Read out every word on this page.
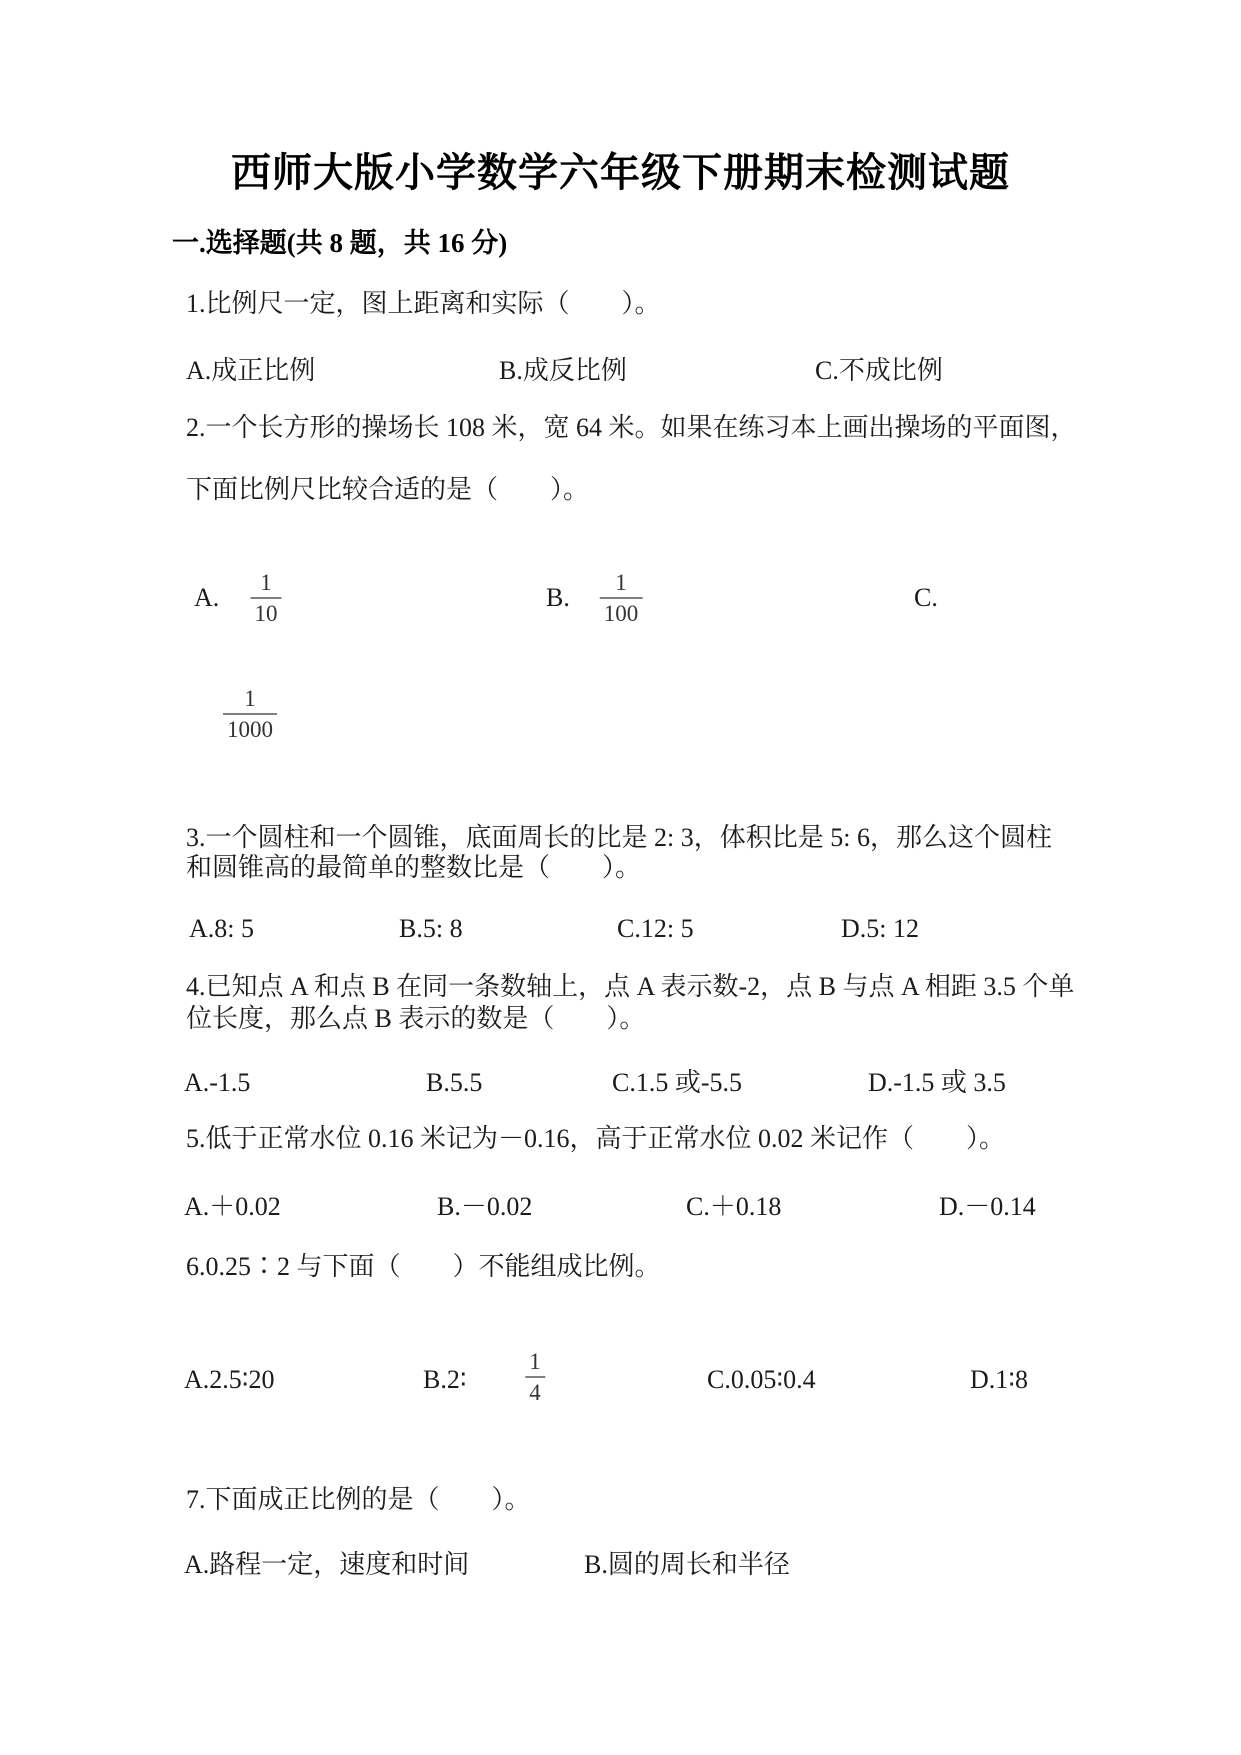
西师大版小学数学六年级下册期末检测试题
一.选择题(共 8 题，共 16 分)
1.比例尺一定，图上距离和实际（　　）。
A.成正比例	B.成反比例	C.不成比例
2.一个长方形的操场长 108 米，宽 64 米。如果在练习本上画出操场的平面图，
下面比例尺比较合适的是（　　）。
A. $\frac{1}{10}$	B. $\frac{1}{100}$	C.
$\frac{1}{1000}$
3.一个圆柱和一个圆锥，底面周长的比是 2: 3，体积比是 5: 6，那么这个圆柱
和圆锥高的最简单的整数比是（　　）。
A.8: 5	B.5: 8	C.12: 5	D.5: 12
4.已知点 A 和点 B 在同一条数轴上，点 A 表示数-2，点 B 与点 A 相距 3.5 个单
位长度，那么点 B 表示的数是（　　）。
A.-1.5	B.5.5	C.1.5 或-5.5	D.-1.5 或 3.5
5.低于正常水位 0.16 米记为－0.16，高于正常水位 0.02 米记作（　　）。
A.＋0.02	B.－0.02	C.＋0.18	D.－0.14
6.0.25∶2 与下面（　　）不能组成比例。
A.2.5∶20	B.2∶	$\frac{1}{4}$	C.0.05∶0.4	D.1∶8
7.下面成正比例的是（　　）。
A.路程一定，速度和时间	B.圆的周长和半径
